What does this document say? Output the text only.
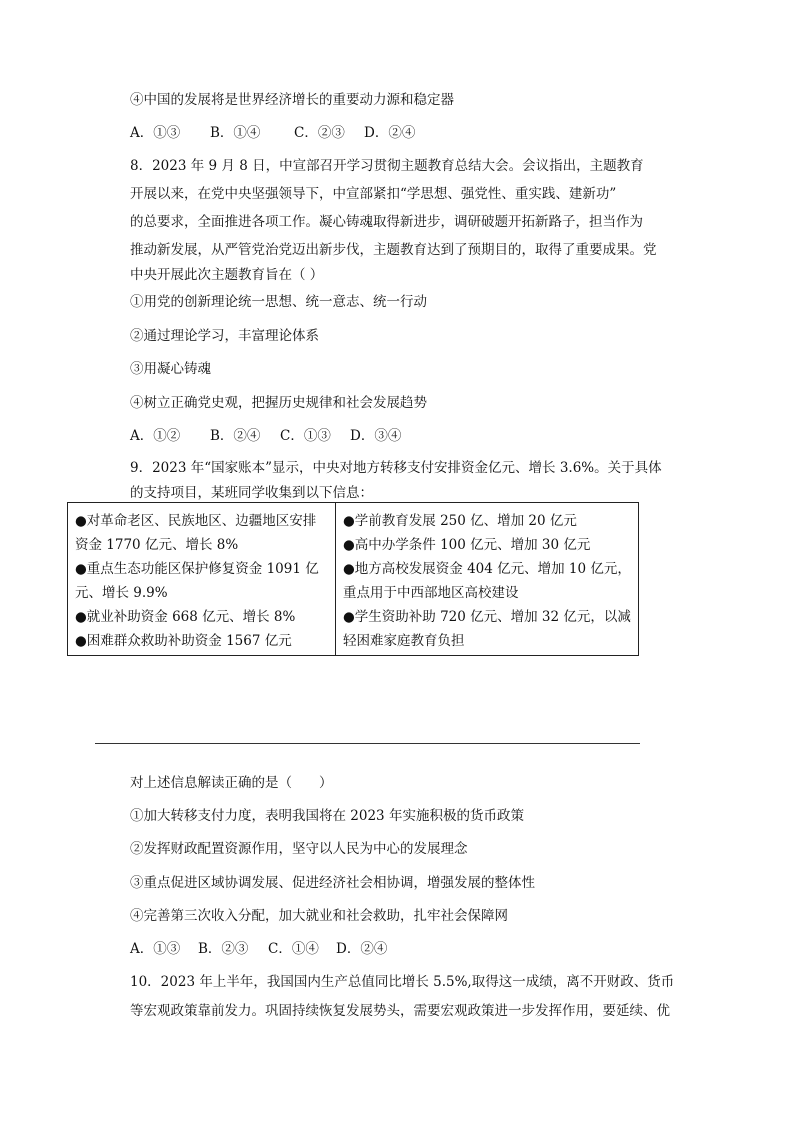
④中国的发展将是世界经济增长的重要动力源和稳定器
A．①③ B．①④ C．②③ D．②④
8．2023 年 9 月 8 日，中宣部召开学习贯彻主题教育总结大会。会议指出，主题教育
开展以来，在党中央坚强领导下，中宣部紧扣“学思想、强党性、重实践、建新功”
的总要求，全面推进各项工作。凝心铸魂取得新进步，调研破题开拓新路子，担当作为
推动新发展，从严管党治党迈出新步伐，主题教育达到了预期目的，取得了重要成果。党
中央开展此次主题教育旨在（ ）
①用党的创新理论统一思想、统一意志、统一行动
②通过理论学习，丰富理论体系
③用凝心铸魂
④树立正确党史观，把握历史规律和社会发展趋势
A．①② B．②④ C．①③ D．③④
9．2023 年“国家账本”显示，中央对地方转移支付安排资金亿元、增长 3.6%。关于具体
的支持项目，某班同学收集到以下信息：
●对革命老区、民族地区、边疆地区安排
资金 1770 亿元、增长 8%
●重点生态功能区保护修复资金 1091 亿
元、增长 9.9%
●就业补助资金 668 亿元、增长 8%
●困难群众救助补助资金 1567 亿元
●学前教育发展 250 亿、增加 20 亿元
●高中办学条件 100 亿元、增加 30 亿元
●地方高校发展资金 404 亿元、增加 10 亿元，
重点用于中西部地区高校建设
●学生资助补助 720 亿元、增加 32 亿元，以减
轻困难家庭教育负担
对上述信息解读正确的是（　　）
①加大转移支付力度，表明我国将在 2023 年实施积极的货币政策
②发挥财政配置资源作用，坚守以人民为中心的发展理念
③重点促进区域协调发展、促进经济社会相协调，增强发展的整体性
④完善第三次收入分配，加大就业和社会救助，扎牢社会保障网
A．①③ B．②③ C．①④ D．②④
10．2023 年上半年，我国国内生产总值同比增长 5.5%,取得这一成绩，离不开财政、货币
等宏观政策靠前发力。巩固持续恢复发展势头，需要宏观政策进一步发挥作用，要延续、优
